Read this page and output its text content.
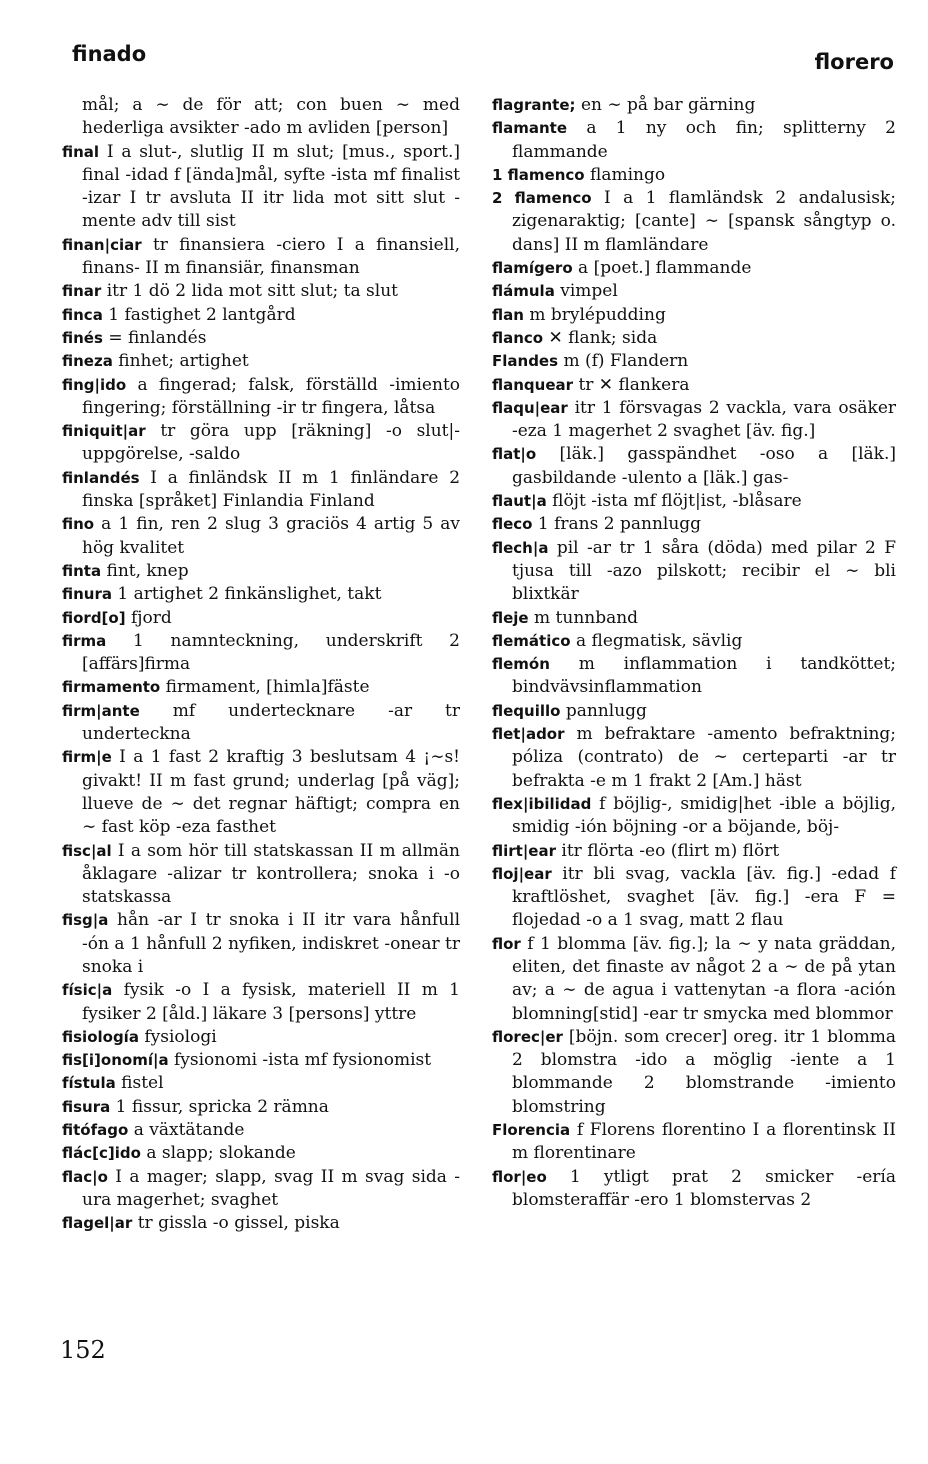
finado	florero

mål; a ∼ de för att; con buen ∼ med hederliga avsikter -ado m avliden [person]

final I a slut-, slutlig II m slut; [mus., sport.] final -idad f [ända]mål, syfte -ista mf finalist -izar I tr avsluta II itr lida mot sitt slut -mente adv till sist

finan|ciar tr finansiera -ciero I a finansiell, finans- II m finansiär, finansman

finar itr 1 dö 2 lida mot sitt slut; ta slut

finca 1 fastighet 2 lantgård

finés = finlandés

fineza finhet; artighet

fing|ido a fingerad; falsk, förställd -imiento fingering; förställning -ir tr fingera, låtsa

finiquit|ar tr göra upp [räkning] -o slut|-uppgörelse, -saldo

finlandés I a finländsk II m 1 finländare 2 finska [språket] Finlandia Finland

fino a 1 fin, ren 2 slug 3 graciös 4 artig 5 av hög kvalitet

finta fint, knep

finura 1 artighet 2 finkänslighet, takt

fiord[o] fjord

firma 1 namnteckning, underskrift 2 [affärs]firma

firmamento firmament, [himla]fäste

firm|ante mf undertecknare -ar tr underteckna

firm|e I a 1 fast 2 kraftig 3 beslutsam 4 ¡∼s! givakt! II m fast grund; underlag [på väg]; llueve de ∼ det regnar häftigt; compra en ∼ fast köp -eza fasthet

fisc|al I a som hör till statskassan II m allmän åklagare -alizar tr kontrollera; snoka i -o statskassa

fisg|a hån -ar I tr snoka i II itr vara hånfull -ón a 1 hånfull 2 nyfiken, indiskret -onear tr snoka i

físic|a fysik -o I a fysisk, materiell II m 1 fysiker 2 [åld.] läkare 3 [persons] yttre

fisiología fysiologi

fis[i]onomí|a fysionomi -ista mf fysionomist

fístula fistel

fisura 1 fissur, spricka 2 rämna

fitófago a växtätande

flác[c]ido a slapp; slokande

flac|o I a mager; slapp, svag II m svag sida -ura magerhet; svaghet

flagel|ar tr gissla -o gissel, piska

flagrante; en ∼ på bar gärning

flamante a 1 ny och fin; splitterny 2 flammande

1 flamenco flamingo

2 flamenco I a 1 flamländsk 2 andalusisk; zigenaraktig; [cante] ∼ [spansk sångtyp o. dans] II m flamländare

flamígero a [poet.] flammande

flámula vimpel

flan m brylépudding

flanco ✕ flank; sida

Flandes m (f) Flandern

flanquear tr ✕ flankera

flaqu|ear itr 1 försvagas 2 vackla, vara osäker -eza 1 magerhet 2 svaghet [äv. fig.]

flat|o [läk.] gasspändhet -oso a [läk.] gasbildande -ulento a [läk.] gas-

flaut|a flöjt -ista mf flöjt|ist, -blåsare

fleco 1 frans 2 pannlugg

flech|a pil -ar tr 1 såra (döda) med pilar 2 F tjusa till -azo pilskott; recibir el ∼ bli blixtkär

fleje m tunnband

flemático a flegmatisk, sävlig

flemón m inflammation i tandköttet; bindvävsinflammation

flequillo pannlugg

flet|ador m befraktare -amento befraktning; póliza (contrato) de ∼ certeparti -ar tr befrakta -e m 1 frakt 2 [Am.] häst

flex|ibilidad f böjlig-, smidig|het -ible a böjlig, smidig -ión böjning -or a böjande, böj-

flirt|ear itr flörta -eo (flirt m) flört

floj|ear itr bli svag, vackla [äv. fig.] -edad f kraftlöshet, svaghet [äv. fig.] -era F = flojedad -o a 1 svag, matt 2 flau

flor f 1 blomma [äv. fig.]; la ∼ y nata gräddan, eliten, det finaste av något 2 a ∼ de på ytan av; a ∼ de agua i vattenytan -a flora -ación blomning[stid] -ear tr smycka med blommor

florec|er [böjn. som crecer] oreg. itr 1 blomma 2 blomstra -ido a möglig -iente a 1 blommande 2 blomstrande -imiento blomstring

Florencia f Florens florentino I a florentinsk II m florentinare

flor|eo 1 ytligt prat 2 smicker -ería blomsteraffär -ero 1 blomstervas 2

152
